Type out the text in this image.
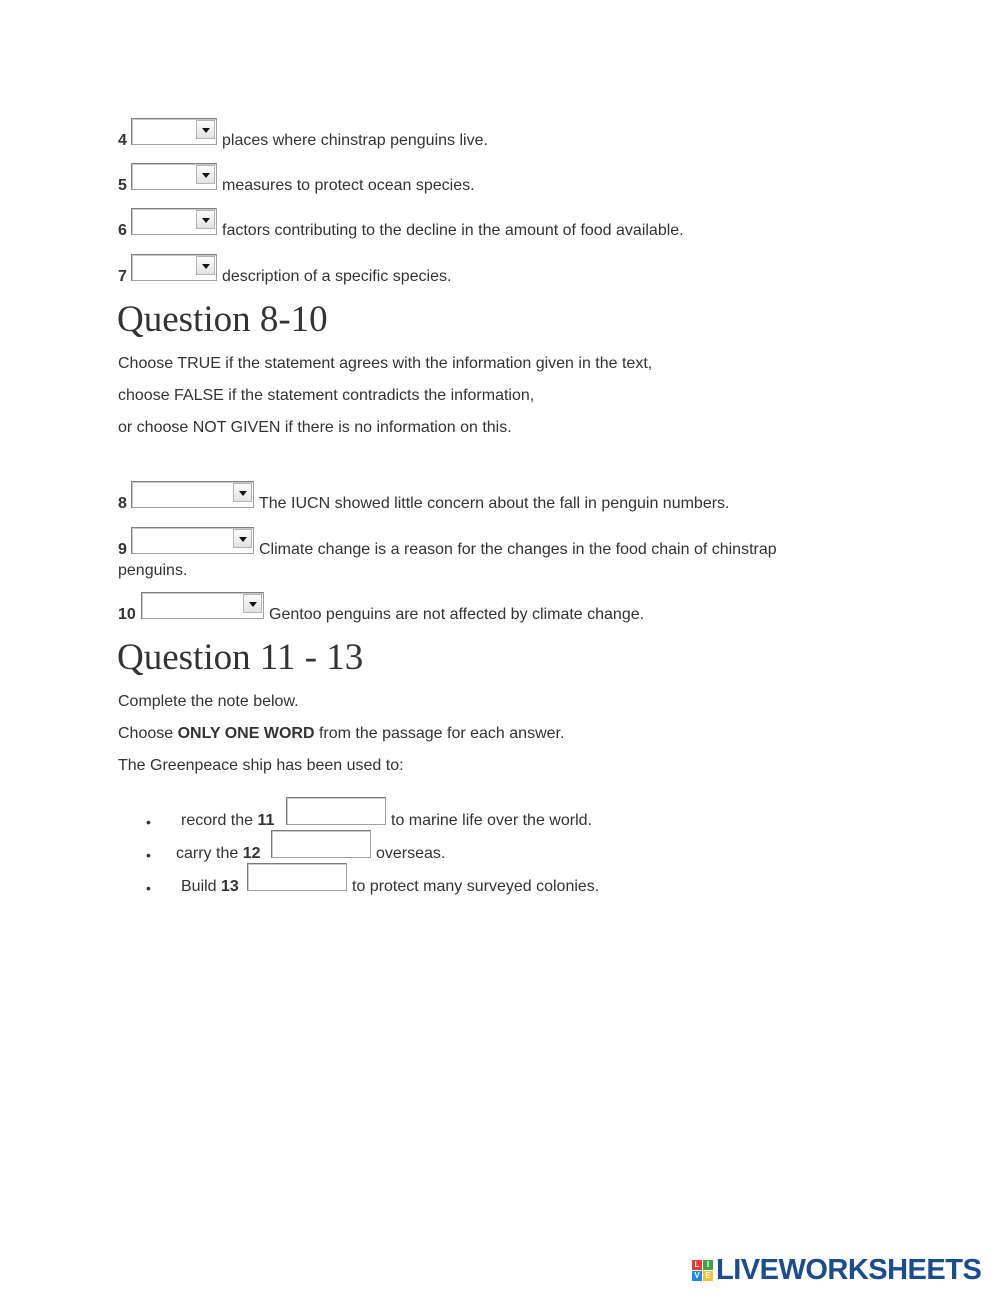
4	places where chinstrap penguins live.
5	measures to protect ocean species.
6	factors contributing to the decline in the amount of food available.
7	description of a specific species.
Question 8-10
Choose TRUE if the statement agrees with the information given in the text,
choose FALSE if the statement contradicts the information,
or choose NOT GIVEN if there is no information on this.
8	The IUCN showed little concern about the fall in penguin numbers.
9	Climate change is a reason for the changes in the food chain of chinstrap
penguins.
10	Gentoo penguins are not affected by climate change.
Question 11 - 13
Complete the note below.
Choose ONLY ONE WORD from the passage for each answer.
The Greenpeace ship has been used to:
• record the 11	to marine life over the world.
• carry the 12	overseas.
• Build 13	to protect many surveyed colonies.
L I
V E LIVEWORKSHEETS
